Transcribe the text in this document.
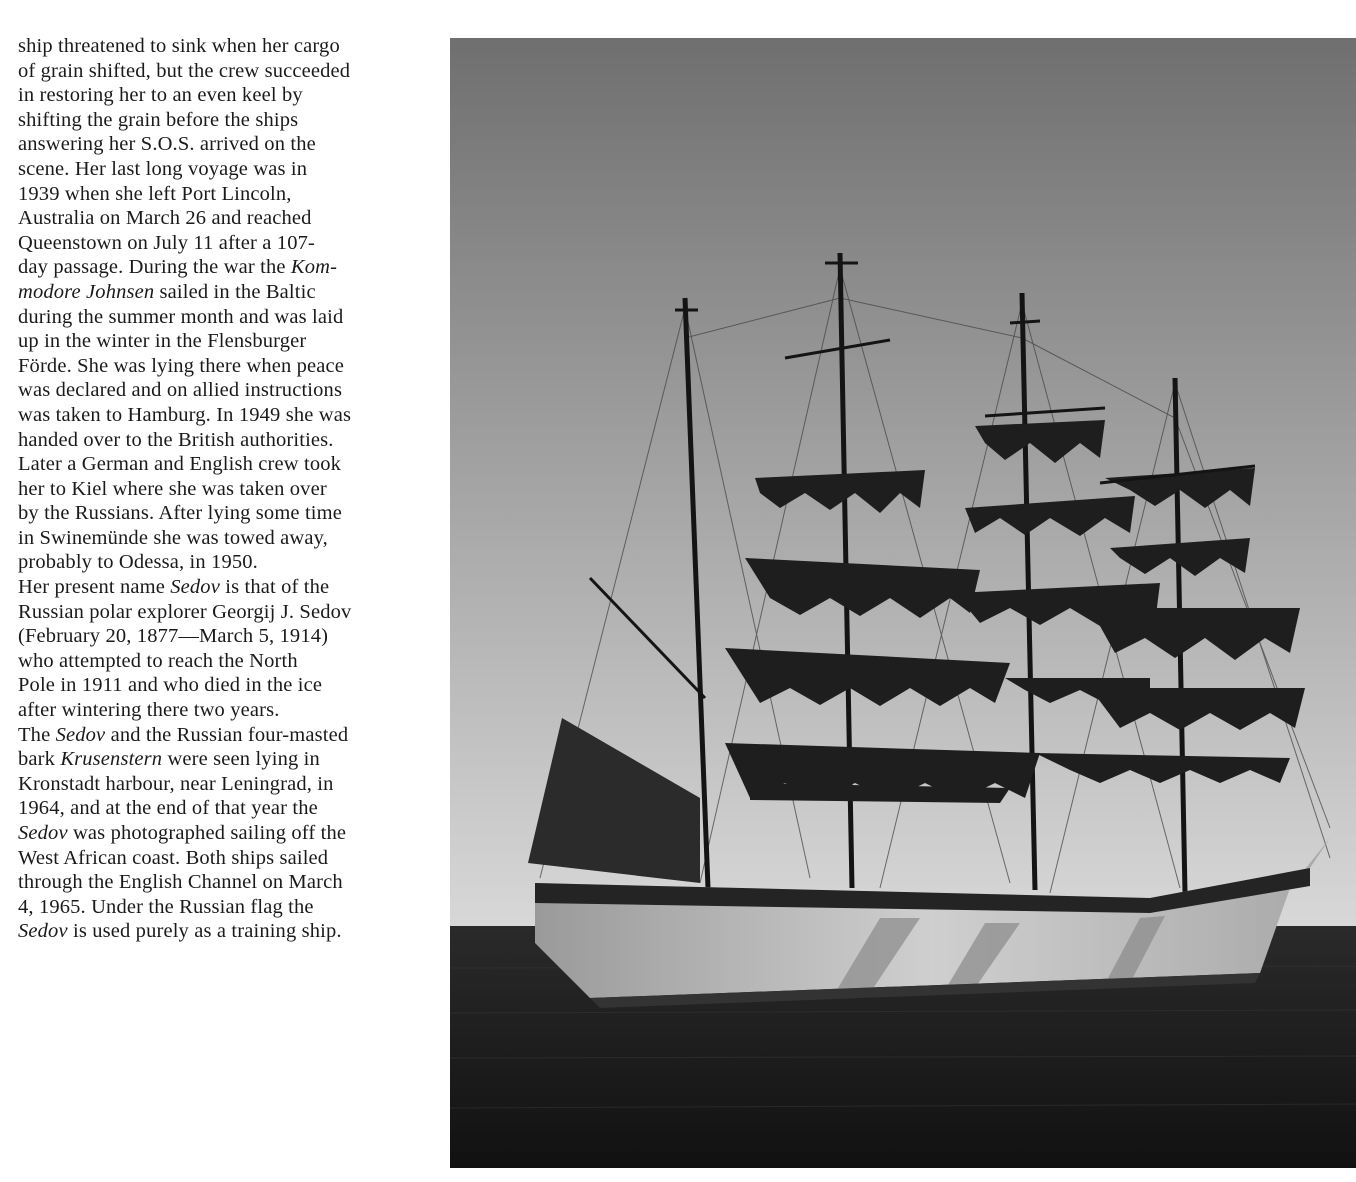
ship threatened to sink when her cargo
of grain shifted, but the crew succeeded
in restoring her to an even keel by
shifting the grain before the ships
answering her S.O.S. arrived on the
scene. Her last long voyage was in
1939 when she left Port Lincoln,
Australia on March 26 and reached
Queenstown on July 11 after a 107-
day passage. During the war the Kom-
modore Johnsen sailed in the Baltic
during the summer month and was laid
up in the winter in the Flensburger
Förde. She was lying there when peace
was declared and on allied instructions
was taken to Hamburg. In 1949 she was
handed over to the British authorities.
Later a German and English crew took
her to Kiel where she was taken over
by the Russians. After lying some time
in Swinemünde she was towed away,
probably to Odessa, in 1950.
Her present name Sedov is that of the
Russian polar explorer Georgij J. Sedov
(February 20, 1877—March 5, 1914)
who attempted to reach the North
Pole in 1911 and who died in the ice
after wintering there two years.
The Sedov and the Russian four-masted
bark Krusenstern were seen lying in
Kronstadt harbour, near Leningrad, in
1964, and at the end of that year the
Sedov was photographed sailing off the
West African coast. Both ships sailed
through the English Channel on March
4, 1965. Under the Russian flag the
Sedov is used purely as a training ship.
